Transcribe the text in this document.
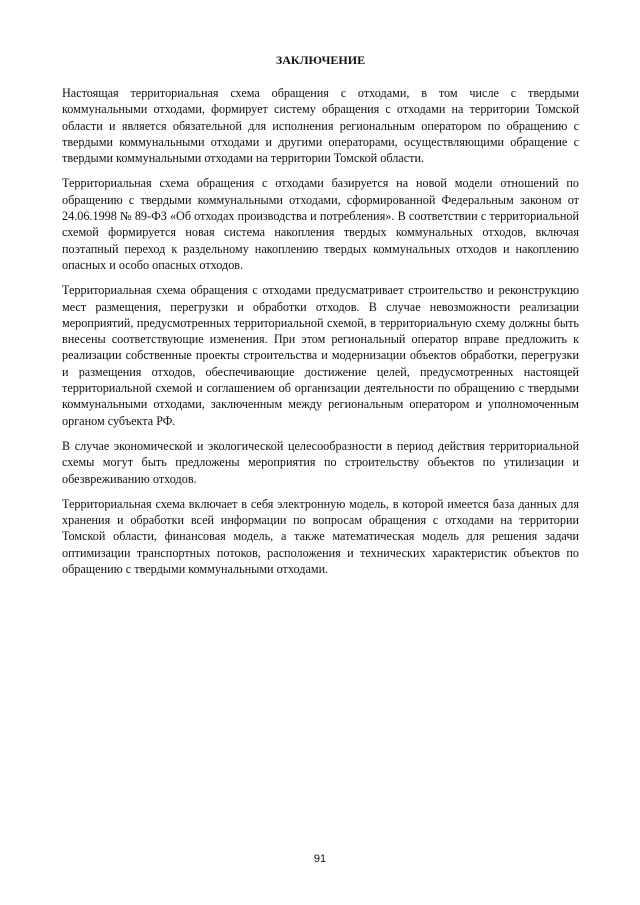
ЗАКЛЮЧЕНИЕ

Настоящая территориальная схема обращения с отходами, в том числе с твердыми коммунальными отходами, формирует систему обращения с отходами на территории Томской области и является обязательной для исполнения региональным оператором по обращению с твердыми коммунальными отходами и другими операторами, осуществляющими обращение с твердыми коммунальными отходами на территории Томской области.

Территориальная схема обращения с отходами базируется на новой модели отношений по обращению с твердыми коммунальными отходами, сформированной Федеральным законом от 24.06.1998 № 89-ФЗ «Об отходах производства и потребления». В соответствии с территориальной схемой формируется новая система накопления твердых коммунальных отходов, включая поэтапный переход к раздельному накоплению твердых коммунальных отходов и накоплению опасных и особо опасных отходов.

Территориальная схема обращения с отходами предусматривает строительство и реконструкцию мест размещения, перегрузки и обработки отходов. В случае невозможности реализации мероприятий, предусмотренных территориальной схемой, в территориальную схему должны быть внесены соответствующие изменения. При этом региональный оператор вправе предложить к реализации собственные проекты строительства и модернизации объектов обработки, перегрузки и размещения отходов, обеспечивающие достижение целей, предусмотренных настоящей территориальной схемой и соглашением об организации деятельности по обращению с твердыми коммунальными отходами, заключенным между региональным оператором и уполномоченным органом субъекта РФ.

В случае экономической и экологической целесообразности в период действия территориальной схемы могут быть предложены мероприятия по строительству объектов по утилизации и обезвреживанию отходов.

Территориальная схема включает в себя электронную модель, в которой имеется база данных для хранения и обработки всей информации по вопросам обращения с отходами на территории Томской области, финансовая модель, а также математическая модель для решения задачи оптимизации транспортных потоков, расположения и технических характеристик объектов по обращению с твердыми коммунальными отходами.

91
